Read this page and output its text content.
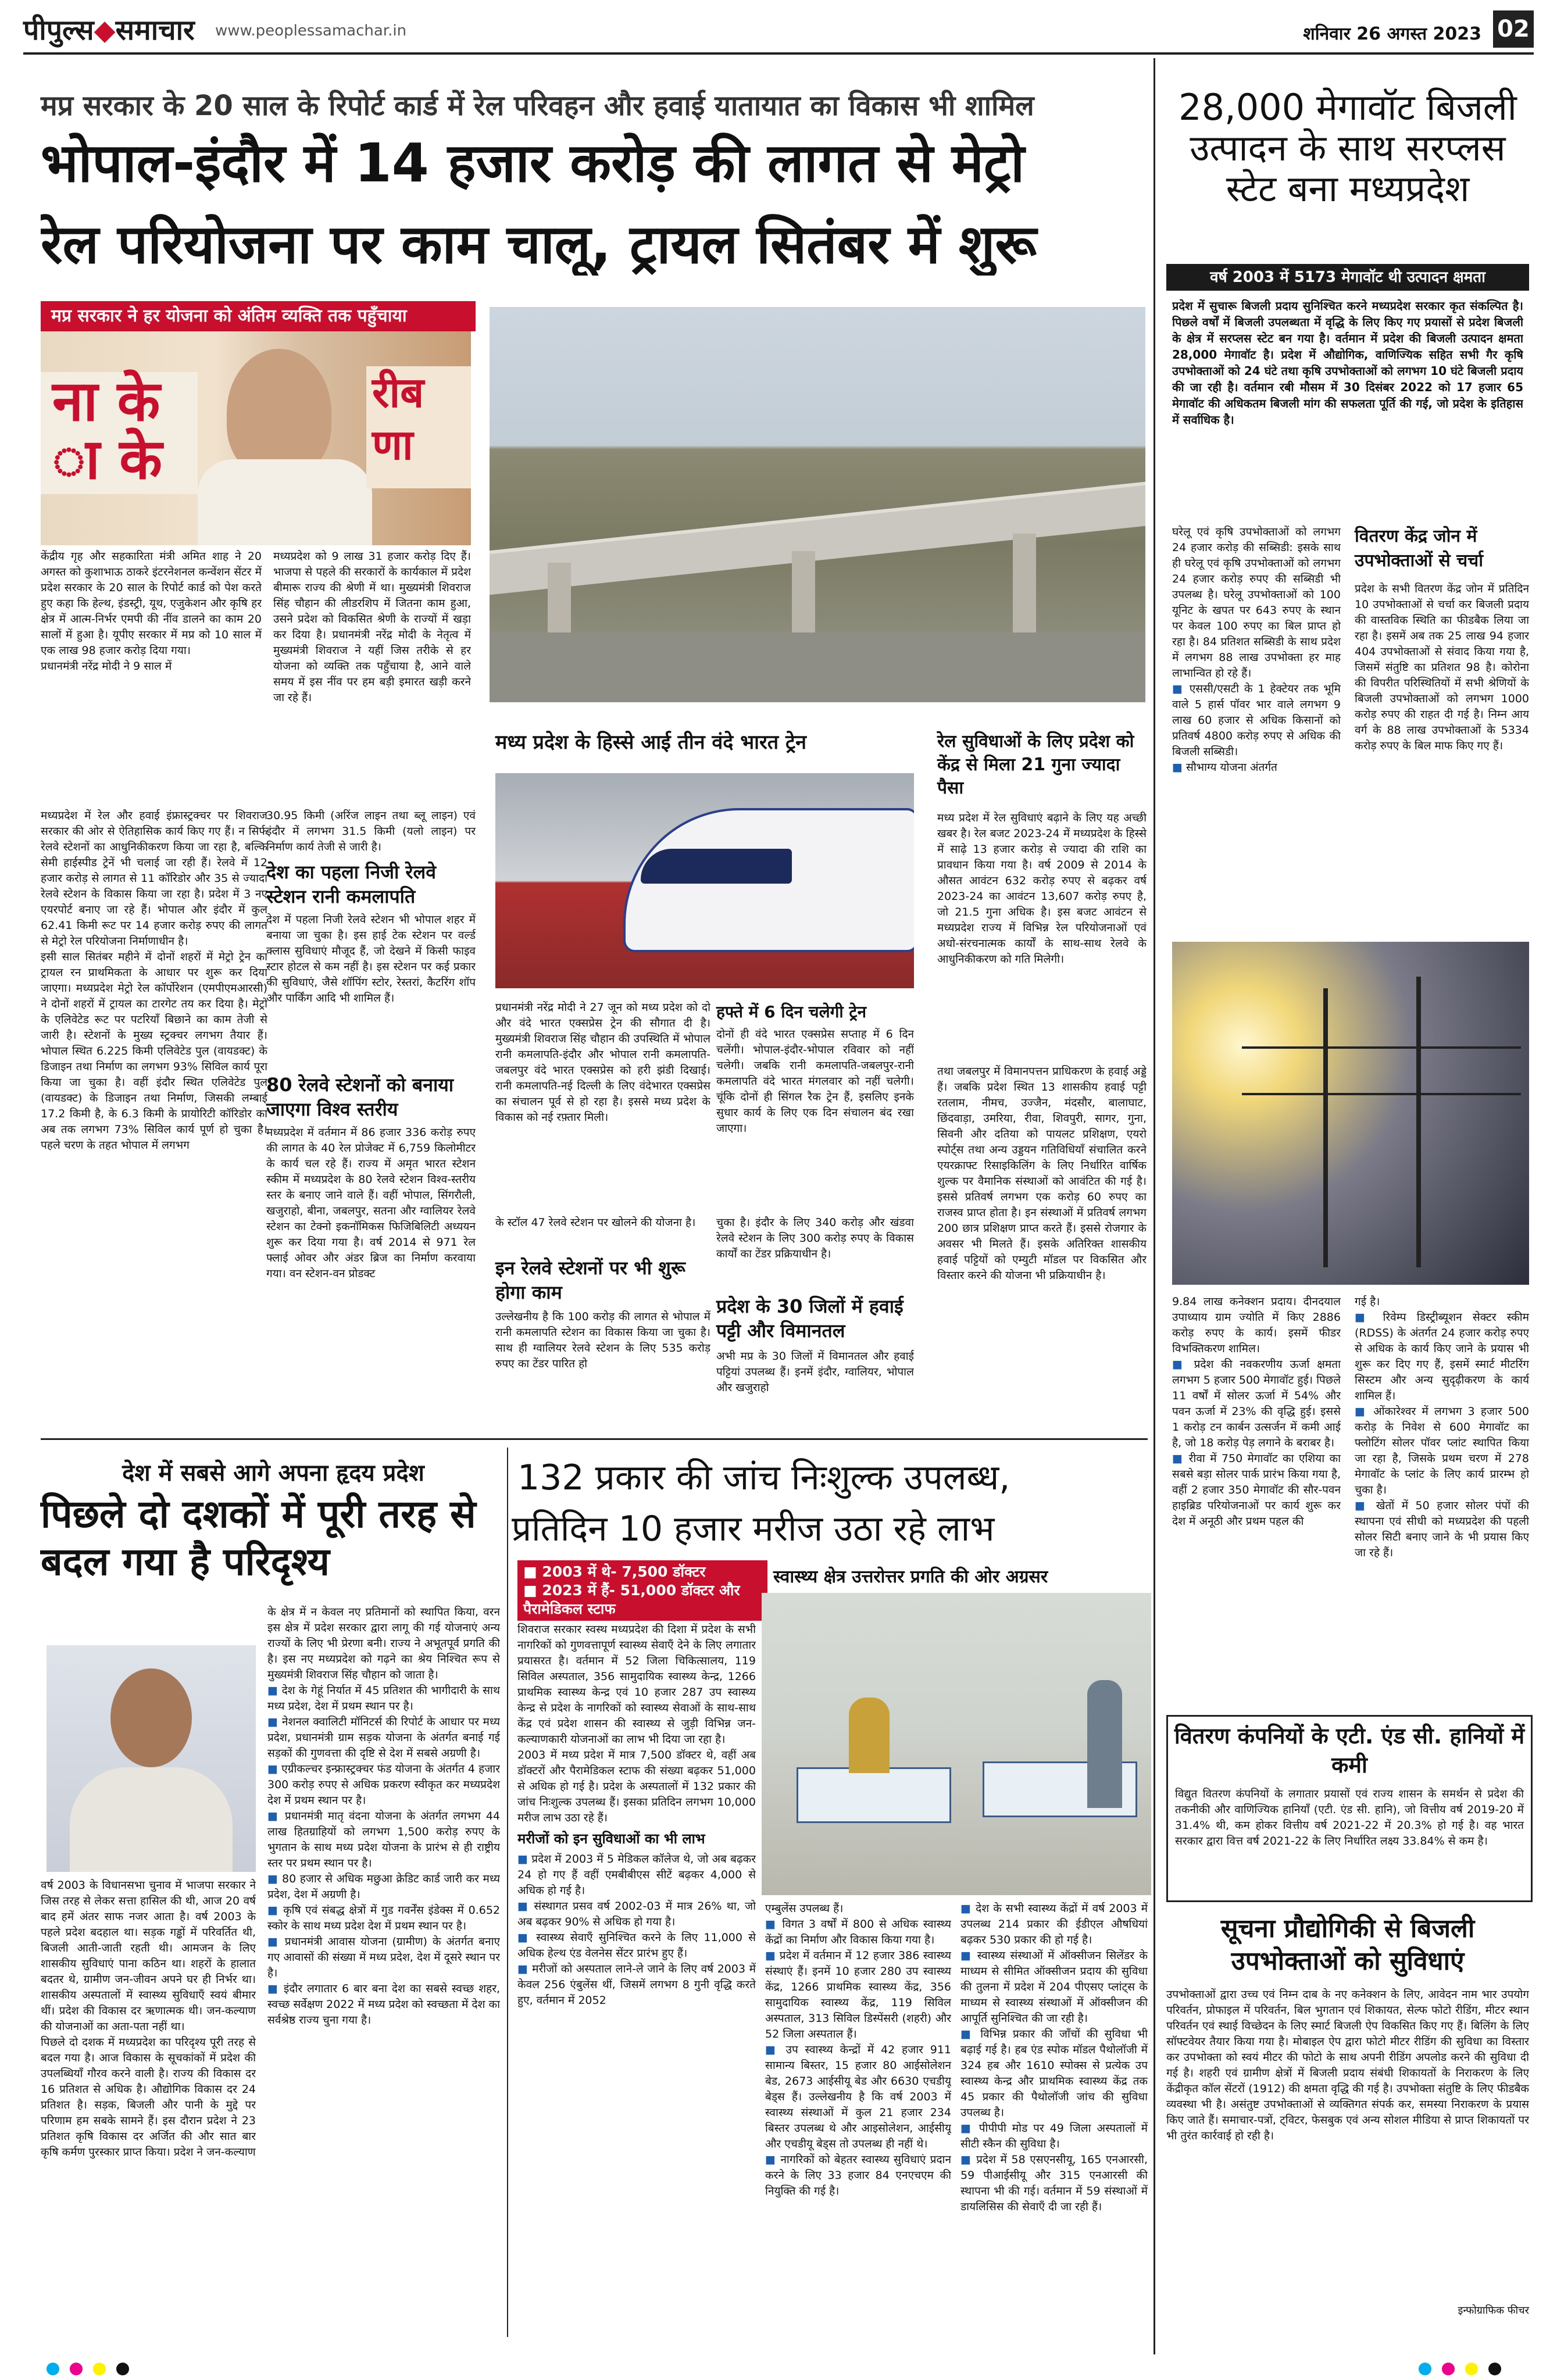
पीपुल्स◆समाचार www.peoplessamachar.in	शनिवार 26 अगस्त 2023 02
मप्र सरकार के 20 साल के रिपोर्ट कार्ड में रेल परिवहन और हवाई यातायात का विकास भी शामिल
भोपाल-इंदौर में 14 हजार करोड़ की लागत से मेट्रो
रेल परियोजना पर काम चालू, ट्रायल सितंबर में शुरू
मप्र सरकार ने हर योजना को अंतिम व्यक्ति तक पहुँचाया
ना के
ा के
रीब
णा
केंद्रीय गृह और सहकारिता मंत्री अमित शाह ने 20 अगस्त को कुशाभाऊ ठाकरे इंटरनेशनल कन्वेंशन सेंटर में प्रदेश सरकार के 20 साल के रिपोर्ट कार्ड को पेश करते हुए कहा कि हेल्थ, इंडस्ट्री, यूथ, एजुकेशन और कृषि हर क्षेत्र में आत्म-निर्भर एमपी की नींव डालने का काम 20 सालों में हुआ है। यूपीए सरकार में मप्र को 10 साल में एक लाख 98 हजार करोड़ दिया गया।
प्रधानमंत्री नरेंद्र मोदी ने 9 साल में
मध्यप्रदेश को 9 लाख 31 हजार करोड़ दिए हैं। भाजपा से पहले की सरकारों के कार्यकाल में प्रदेश बीमारू राज्य की श्रेणी में था। मुख्यमंत्री शिवराज सिंह चौहान की लीडरशिप में जितना काम हुआ, उसने प्रदेश को विकसित श्रेणी के राज्यों में खड़ा कर दिया है। प्रधानमंत्री नरेंद्र मोदी के नेतृत्व में मुख्यमंत्री शिवराज ने यहीं जिस तरीके से हर योजना को व्यक्ति तक पहुँचाया है, आने वाले समय में इस नींव पर हम बड़ी इमारत खड़ी करने जा रहे हैं।
मध्यप्रदेश में रेल और हवाई इंफ्रास्ट्रक्चर पर शिवराज सरकार की ओर से ऐतिहासिक कार्य किए गए हैं। न सिर्फ रेलवे स्टेशनों का आधुनिकीकरण किया जा रहा है, बल्कि सेमी हाईस्पीड ट्रेनें भी चलाई जा रही हैं। रेलवे में 12 हजार करोड़ से लागत से 11 कॉरिडोर और 35 से ज्यादा रेलवे स्टेशन के विकास किया जा रहा है। प्रदेश में 3 नए एयरपोर्ट बनाए जा रहे हैं। भोपाल और इंदौर में कुल 62.41 किमी रूट पर 14 हजार करोड़ रुपए की लागत से मेट्रो रेल परियोजना निर्माणाधीन है।
इसी साल सितंबर महीने में दोनों शहरों में मेट्रो ट्रेन का ट्रायल रन प्राथमिकता के आधार पर शुरू कर दिया जाएगा। मध्यप्रदेश मेट्रो रेल कॉर्पोरेशन (एमपीएमआरसी) ने दोनों शहरों में ट्रायल का टारगेट तय कर दिया है। मेट्रो के एलिवेटेड रूट पर पटरियाँ बिछाने का काम तेजी से जारी है। स्टेशनों के मुख्य स्ट्रक्चर लगभग तैयार हैं। भोपाल स्थित 6.225 किमी एलिवेटेड पुल (वायडक्ट) के डिजाइन तथा निर्माण का लगभग 93% सिविल कार्य पूरा किया जा चुका है। वहीं इंदौर स्थित एलिवेटेड पुल (वायडक्ट) के डिजाइन तथा निर्माण, जिसकी लम्बाई 17.2 किमी है, के 6.3 किमी के प्रायोरिटी कॉरिडोर का अब तक लगभग 73% सिविल कार्य पूर्ण हो चुका है। पहले चरण के तहत भोपाल में लगभग
30.95 किमी (अरिंज लाइन तथा ब्लू लाइन) एवं इंदौर में लगभग 31.5 किमी (यलो लाइन) पर निर्माण कार्य तेजी से जारी है।
देश का पहला निजी रेलवे स्टेशन रानी कमलापति
देश में पहला निजी रेलवे स्टेशन भी भोपाल शहर में बनाया जा चुका है। इस हाई टेक स्टेशन पर वर्ल्ड क्लास सुविधाएं मौजूद हैं, जो देखने में किसी फाइव स्टार होटल से कम नहीं है। इस स्टेशन पर कई प्रकार की सुविधाएं, जैसे शॉपिंग स्टोर, रेस्तरां, कैटरिंग शॉप और पार्किंग आदि भी शामिल हैं।
80 रेलवे स्टेशनों को बनाया जाएगा विश्व स्तरीय
मध्यप्रदेश में वर्तमान में 86 हजार 336 करोड़ रुपए की लागत के 40 रेल प्रोजेक्ट में 6,759 किलोमीटर के कार्य चल रहे हैं। राज्य में अमृत भारत स्टेशन स्कीम में मध्यप्रदेश के 80 रेलवे स्टेशन विश्व-स्तरीय स्तर के बनाए जाने वाले हैं। वहीं भोपाल, सिंगरौली, खजुराहो, बीना, जबलपुर, सतना और ग्वालियर रेलवे स्टेशन का टेक्नो इकनॉमिकस फिजिबिलिटी अध्ययन शुरू कर दिया गया है। वर्ष 2014 से 971 रेल फ्लाई ओवर और अंडर ब्रिज का निर्माण करवाया गया। वन स्टेशन-वन प्रोडक्ट
मध्य प्रदेश के हिस्से आई तीन वंदे भारत ट्रेन
प्रधानमंत्री नरेंद्र मोदी ने 27 जून को मध्य प्रदेश को दो और वंदे भारत एक्सप्रेस ट्रेन की सौगात दी है। मुख्यमंत्री शिवराज सिंह चौहान की उपस्थिति में भोपाल रानी कमलापति-इंदौर और भोपाल रानी कमलापति-जबलपुर वंदे भारत एक्सप्रेस को हरी झंडी दिखाई। रानी कमलापति-नई दिल्ली के लिए वंदेभारत एक्सप्रेस का संचालन पूर्व से हो रहा है। इससे मध्य प्रदेश के विकास को नई रफ़्तार मिली।
के स्टॉल 47 रेलवे स्टेशन पर खोलने की योजना है।
इन रेलवे स्टेशनों पर भी शुरू होगा काम
उल्लेखनीय है कि 100 करोड़ की लागत से भोपाल में रानी कमलापति स्टेशन का विकास किया जा चुका है। साथ ही ग्वालियर रेलवे स्टेशन के लिए 535 करोड़ रुपए का टेंडर पारित हो
हफ्ते में 6 दिन चलेगी ट्रेन
दोनों ही वंदे भारत एक्सप्रेस सप्ताह में 6 दिन चलेंगी। भोपाल-इंदौर-भोपाल रविवार को नहीं चलेगी। जबकि रानी कमलापति-जबलपुर-रानी कमलापति वंदे भारत मंगलवार को नहीं चलेगी। चूंकि दोनों ही सिंगल रैक ट्रेन हैं, इसलिए इनके सुधार कार्य के लिए एक दिन संचालन बंद रखा जाएगा।
चुका है। इंदौर के लिए 340 करोड़ और खंडवा रेलवे स्टेशन के लिए 300 करोड़ रुपए के विकास कार्यों का टेंडर प्रक्रियाधीन है।
प्रदेश के 30 जिलों में हवाई पट्टी और विमानतल
अभी मप्र के 30 जिलों में विमानतल और हवाई पट्टियां उपलब्ध हैं। इनमें इंदौर, ग्वालियर, भोपाल और खजुराहो
रेल सुविधाओं के लिए प्रदेश को केंद्र से मिला 21 गुना ज्यादा पैसा
मध्य प्रदेश में रेल सुविधाएं बढ़ाने के लिए यह अच्छी खबर है। रेल बजट 2023-24 में मध्यप्रदेश के हिस्से में साढ़े 13 हजार करोड़ से ज्यादा की राशि का प्रावधान किया गया है। वर्ष 2009 से 2014 के औसत आवंटन 632 करोड़ रुपए से बढ़कर वर्ष 2023-24 का आवंटन 13,607 करोड़ रुपए है, जो 21.5 गुना अधिक है। इस बजट आवंटन से मध्यप्रदेश राज्य में विभिन्न रेल परियोजनाओं एवं अधो-संरचनात्मक कार्यों के साथ-साथ रेलवे के आधुनिकीकरण को गति मिलेगी।
तथा जबलपुर में विमानपत्तन प्राधिकरण के हवाई अड्डे हैं। जबकि प्रदेश स्थित 13 शासकीय हवाई पट्टी रतलाम, नीमच, उज्जैन, मंदसौर, बालाघाट, छिंदवाड़ा, उमरिया, रीवा, शिवपुरी, सागर, गुना, सिवनी और दतिया को पायलट प्रशिक्षण, एयरो स्पोर्ट्स तथा अन्य उड्डयन गतिविधियाँ संचालित करने एयरक्राफ्ट रिसाइकिलिंग के लिए निर्धारित वार्षिक शुल्क पर वैमानिक संस्थाओं को आवंटित की गई है। इससे प्रतिवर्ष लगभग एक करोड़ 60 रुपए का राजस्व प्राप्त होता है। इन संस्थाओं में प्रतिवर्ष लगभग 200 छात्र प्रशिक्षण प्राप्त करते हैं। इससे रोजगार के अवसर भी मिलते हैं। इसके अतिरिक्त शासकीय हवाई पट्टियों को एम्युटी मॉडल पर विकसित और विस्तार करने की योजना भी प्रक्रियाधीन है।
28,000 मेगावॉट बिजली उत्पादन के साथ सरप्लस स्टेट बना मध्यप्रदेश
वर्ष 2003 में 5173 मेगावॉट थी उत्पादन क्षमता
प्रदेश में सुचारू बिजली प्रदाय सुनिश्चित करने मध्यप्रदेश सरकार कृत संकल्पित है। पिछले वर्षों में बिजली उपलब्धता में वृद्धि के लिए किए गए प्रयासों से प्रदेश बिजली के क्षेत्र में सरप्लस स्टेट बन गया है। वर्तमान में प्रदेश की बिजली उत्पादन क्षमता 28,000 मेगावॉट है। प्रदेश में औद्योगिक, वाणिज्यिक सहित सभी गैर कृषि उपभोक्ताओं को 24 घंटे तथा कृषि उपभोक्ताओं को लगभग 10 घंटे बिजली प्रदाय की जा रही है। वर्तमान रबी मौसम में 30 दिसंबर 2022 को 17 हजार 65 मेगावॉट की अधिकतम बिजली मांग की सफलता पूर्ति की गई, जो प्रदेश के इतिहास में सर्वाधिक है।
घरेलू एवं कृषि उपभोक्ताओं को लगभग 24 हजार करोड़ की सब्सिडी: इसके साथ ही घरेलू एवं कृषि उपभोक्ताओं को लगभग 24 हजार करोड़ रुपए की सब्सिडी भी उपलब्ध है। घरेलू उपभोक्ताओं को 100 यूनिट के खपत पर 643 रुपए के स्थान पर केवल 100 रुपए का बिल प्राप्त हो रहा है। 84 प्रतिशत सब्सिडी के साथ प्रदेश में लगभग 88 लाख उपभोक्ता हर माह लाभान्वित हो रहे हैं।
■ एससी/एसटी के 1 हेक्टेयर तक भूमि वाले 5 हार्स पॉवर भार वाले लगभग 9 लाख 60 हजार से अधिक किसानों को प्रतिवर्ष 4800 करोड़ रुपए से अधिक की बिजली सब्सिडी।
■ सौभाग्य योजना अंतर्गत
वितरण केंद्र जोन में उपभोक्ताओं से चर्चा
प्रदेश के सभी वितरण केंद्र जोन में प्रतिदिन 10 उपभोक्ताओं से चर्चा कर बिजली प्रदाय की वास्तविक स्थिति का फीडबैक लिया जा रहा है। इसमें अब तक 25 लाख 94 हजार 404 उपभोक्ताओं से संवाद किया गया है, जिसमें संतुष्टि का प्रतिशत 98 है। कोरोना की विपरीत परिस्थितियों में सभी श्रेणियों के बिजली उपभोक्ताओं को लगभग 1000 करोड़ रुपए की राहत दी गई है। निम्न आय वर्ग के 88 लाख उपभोक्ताओं के 5334 करोड़ रुपए के बिल माफ किए गए हैं।
9.84 लाख कनेक्शन प्रदाय। दीनदयाल उपाध्याय ग्राम ज्योति में किए 2886 करोड़ रुपए के कार्य। इसमें फीडर विभक्तिकरण शामिल।
■ प्रदेश की नवकरणीय ऊर्जा क्षमता लगभग 5 हजार 500 मेगावॉट हुई। पिछले 11 वर्षों में सोलर ऊर्जा में 54% और पवन ऊर्जा में 23% की वृद्धि हुई। इससे 1 करोड़ टन कार्बन उत्सर्जन में कमी आई है, जो 18 करोड़ पेड़ लगाने के बराबर है।
■ रीवा में 750 मेगावॉट का एशिया का सबसे बड़ा सोलर पार्क प्रारंभ किया गया है, वहीं 2 हजार 350 मेगावॉट की सौर-पवन हाइब्रिड परियोजनाओं पर कार्य शुरू कर देश में अनूठी और प्रथम पहल की
गई है।
■ रिवेम्प डिस्ट्रीब्यूशन सेक्टर स्कीम (RDSS) के अंतर्गत 24 हजार करोड़ रुपए से अधिक के कार्य किए जाने के प्रयास भी शुरू कर दिए गए हैं, इसमें स्मार्ट मीटरिंग सिस्टम और अन्य सुदृढ़ीकरण के कार्य शामिल हैं।
■ ओंकारेश्वर में लगभग 3 हजार 500 करोड़ के निवेश से 600 मेगावॉट का फ्लोटिंग सोलर पॉवर प्लांट स्थापित किया जा रहा है, जिसके प्रथम चरण में 278 मेगावॉट के प्लांट के लिए कार्य प्रारम्भ हो चुका है।
■ खेतों में 50 हजार सोलर पंपों की स्थापना एवं सीधी को मध्यप्रदेश की पहली सोलर सिटी बनाए जाने के भी प्रयास किए जा रहे हैं।
वितरण कंपनियों के एटी. एंड सी. हानियों में कमी
विद्युत वितरण कंपनियों के लगातार प्रयासों एवं राज्य शासन के समर्थन से प्रदेश की तकनीकी और वाणिज्यिक हानियाँ (एटी. एंड सी. हानि), जो वित्तीय वर्ष 2019-20 में 31.4% थी, कम होकर वित्तीय वर्ष 2021-22 में 20.3% हो गई है। वह भारत सरकार द्वारा वित्त वर्ष 2021-22 के लिए निर्धारित लक्ष्य 33.84% से कम है।
सूचना प्रौद्योगिकी से बिजली उपभोक्ताओं को सुविधाएं
उपभोक्ताओं द्वारा उच्च एवं निम्न दाब के नए कनेक्शन के लिए, आवेदन नाम भार उपयोग परिवर्तन, प्रोफाइल में परिवर्तन, बिल भुगतान एवं शिकायत, सेल्फ फोटो रीडिंग, मीटर स्थान परिवर्तन एवं स्थाई विच्छेदन के लिए स्मार्ट बिजली ऐप विकसित किए गए हैं। बिलिंग के लिए सॉफ्टवेयर तैयार किया गया है। मोबाइल ऐप द्वारा फोटो मीटर रीडिंग की सुविधा का विस्तार कर उपभोक्ता को स्वयं मीटर की फोटो के साथ अपनी रीडिंग अपलोड करने की सुविधा दी गई है। शहरी एवं ग्रामीण क्षेत्रों में बिजली प्रदाय संबंधी शिकायतों के निराकरण के लिए केंद्रीकृत कॉल सेंटरों (1912) की क्षमता वृद्धि की गई है। उपभोक्ता संतुष्टि के लिए फीडबैक व्यवस्था भी है। असंतुष्ट उपभोक्ताओं से व्यक्तिगत संपर्क कर, समस्या निराकरण के प्रयास किए जाते हैं। समाचार-पत्रों, ट्विटर, फेसबुक एवं अन्य सोशल मीडिया से प्राप्त शिकायतों पर भी तुरंत कार्रवाई हो रही है।
इन्फोग्राफिक फीचर
देश में सबसे आगे अपना हृदय प्रदेश
पिछले दो दशकों में पूरी तरह से बदल गया है परिदृश्य
वर्ष 2003 के विधानसभा चुनाव में भाजपा सरकार ने जिस तरह से लेकर सत्ता हासिल की थी, आज 20 वर्ष बाद हमें अंतर साफ नजर आता है। वर्ष 2003 के पहले प्रदेश बदहाल था। सड़क गड्ढों में परिवर्तित थी, बिजली आती-जाती रहती थी। आमजन के लिए शासकीय सुविधाएं पाना कठिन था। शहरों के हालात बदतर थे, ग्रामीण जन-जीवन अपने घर ही निर्भर था। शासकीय अस्पतालों में स्वास्थ्य सुविधाएँ स्वयं बीमार थीं। प्रदेश की विकास दर ऋणात्मक थी। जन-कल्याण की योजनाओं का अता-पता नहीं था।
पिछले दो दशक में मध्यप्रदेश का परिदृश्य पूरी तरह से बदल गया है। आज विकास के सूचकांकों में प्रदेश की उपलब्धियाँ गौरव करने वाली है। राज्य की विकास दर 16 प्रतिशत से अधिक है। औद्योगिक विकास दर 24 प्रतिशत है। सड़क, बिजली और पानी के मुद्दे पर परिणाम हम सबके सामने हैं। इस दौरान प्रदेश ने 23 प्रतिशत कृषि विकास दर अर्जित की और सात बार कृषि कर्मण पुरस्कार प्राप्त किया। प्रदेश ने जन-कल्याण
के क्षेत्र में न केवल नए प्रतिमानों को स्थापित किया, वरन इस क्षेत्र में प्रदेश सरकार द्वारा लागू की गई योजनाएं अन्य राज्यों के लिए भी प्रेरणा बनी। राज्य ने अभूतपूर्व प्रगति की है। इस नए मध्यप्रदेश को गढ़ने का श्रेय निश्चित रूप से मुख्यमंत्री शिवराज सिंह चौहान को जाता है।
■ देश के गेहूं निर्यात में 45 प्रतिशत की भागीदारी के साथ मध्य प्रदेश, देश में प्रथम स्थान पर है।
■ नेशनल क्वालिटी मॉनिटर्स की रिपोर्ट के आधार पर मध्य प्रदेश, प्रधानमंत्री ग्राम सड़क योजना के अंतर्गत बनाई गई सड़कों की गुणवत्ता की दृष्टि से देश में सबसे अग्रणी है।
■ एग्रीकल्चर इन्फ्रास्ट्रक्चर फंड योजना के अंतर्गत 4 हजार 300 करोड़ रुपए से अधिक प्रकरण स्वीकृत कर मध्यप्रदेश देश में प्रथम स्थान पर है।
■ प्रधानमंत्री मातृ वंदना योजना के अंतर्गत लगभग 44 लाख हितग्राहियों को लगभग 1,500 करोड़ रुपए के भुगतान के साथ मध्य प्रदेश योजना के प्रारंभ से ही राष्ट्रीय स्तर पर प्रथम स्थान पर है।
■ 80 हजार से अधिक मछुआ क्रेडिट कार्ड जारी कर मध्य प्रदेश, देश में अग्रणी है।
■ कृषि एवं संबद्ध क्षेत्रों में गुड गवर्नेंस इंडेक्स में 0.652 स्कोर के साथ मध्य प्रदेश देश में प्रथम स्थान पर है।
■ प्रधानमंत्री आवास योजना (ग्रामीण) के अंतर्गत बनाए गए आवासों की संख्या में मध्य प्रदेश, देश में दूसरे स्थान पर है।
■ इंदौर लगातार 6 बार बना देश का सबसे स्वच्छ शहर, स्वच्छ सर्वेक्षण 2022 में मध्य प्रदेश को स्वच्छता में देश का सर्वश्रेष्ठ राज्य चुना गया है।
132 प्रकार की जांच निःशुल्क उपलब्ध,
प्रतिदिन 10 हजार मरीज उठा रहे लाभ
■ 2003 में थे- 7,500 डॉक्टर
■ 2023 में हैं- 51,000 डॉक्टर और पैरामेडिकल स्टाफ
स्वास्थ्य क्षेत्र उत्तरोत्तर प्रगति की ओर अग्रसर
शिवराज सरकार स्वस्थ मध्यप्रदेश की दिशा में प्रदेश के सभी नागरिकों को गुणवत्तापूर्ण स्वास्थ्य सेवाएँ देने के लिए लगातार प्रयासरत है। वर्तमान में 52 जिला चिकित्सालय, 119 सिविल अस्पताल, 356 सामुदायिक स्वास्थ्य केन्द्र, 1266 प्राथमिक स्वास्थ्य केन्द्र एवं 10 हजार 287 उप स्वास्थ्य केन्द्र से प्रदेश के नागरिकों को स्वास्थ्य सेवाओं के साथ-साथ केंद्र एवं प्रदेश शासन की स्वास्थ्य से जुड़ी विभिन्न जन-कल्याणकारी योजनाओं का लाभ भी दिया जा रहा है।
2003 में मध्य प्रदेश में मात्र 7,500 डॉक्टर थे, वहीं अब डॉक्टरों और पैरामेडिकल स्टाफ की संख्या बढ़कर 51,000 से अधिक हो गई है। प्रदेश के अस्पतालों में 132 प्रकार की जांच निःशुल्क उपलब्ध हैं। इसका प्रतिदिन लगभग 10,000 मरीज लाभ उठा रहे हैं।
मरीजों को इन सुविधाओं का भी लाभ
■ प्रदेश में 2003 में 5 मेडिकल कॉलेज थे, जो अब बढ़कर 24 हो गए हैं वहीं एमबीबीएस सीटें बढ़कर 4,000 से अधिक हो गई है।
■ संस्थागत प्रसव वर्ष 2002-03 में मात्र 26% था, जो अब बढ़कर 90% से अधिक हो गया है।
■ स्वास्थ्य सेवाएँ सुनिश्चित करने के लिए 11,000 से अधिक हेल्थ एंड वेलनेस सेंटर प्रारंभ हुए हैं।
■ मरीजों को अस्पताल लाने-ले जाने के लिए वर्ष 2003 में केवल 256 एंबुलेंस थीं, जिसमें लगभग 8 गुनी वृद्धि करते हुए, वर्तमान में 2052
एम्बुलेंस उपलब्ध हैं।
■ विगत 3 वर्षों में 800 से अधिक स्वास्थ्य केंद्रों का निर्माण और विकास किया गया है।
■ प्रदेश में वर्तमान में 12 हजार 386 स्वास्थ्य संस्थाएं हैं। इनमें 10 हजार 280 उप स्वास्थ्य केंद्र, 1266 प्राथमिक स्वास्थ्य केंद्र, 356 सामुदायिक स्वास्थ्य केंद्र, 119 सिविल अस्पताल, 313 सिविल डिस्पेंसरी (शहरी) और 52 जिला अस्पताल हैं।
■ उप स्वास्थ्य केन्द्रों में 42 हजार 911 सामान्य बिस्तर, 15 हजार 80 आईसोलेशन बेड, 2673 आईसीयू बेड और 6630 एचडीयू बेड्स हैं। उल्लेखनीय है कि वर्ष 2003 में स्वास्थ्य संस्थाओं में कुल 21 हजार 234 बिस्तर उपलब्ध थे और आइसोलेशन, आईसीयू और एचडीयू बेड्स तो उपलब्ध ही नहीं थे।
■ नागरिकों को बेहतर स्वास्थ्य सुविधाएं प्रदान करने के लिए 33 हजार 84 एनएचएम की नियुक्ति की गई है।
■ देश के सभी स्वास्थ्य केंद्रों में वर्ष 2003 में उपलब्ध 214 प्रकार की ईडीएल औषधियां बढ़कर 530 प्रकार की हो गई है।
■ स्वास्थ्य संस्थाओं में ऑक्सीजन सिलेंडर के माध्यम से सीमित ऑक्सीजन प्रदाय की सुविधा की तुलना में प्रदेश में 204 पीएसए प्लांट्स के माध्यम से स्वास्थ्य संस्थाओं में ऑक्सीजन की आपूर्ति सुनिश्चित की जा रही है।
■ विभिन्न प्रकार की जाँचों की सुविधा भी बढ़ाई गई है। हब एंड स्पोक मॉडल पैथोलॉजी में 324 हब और 1610 स्पोक्स से प्रत्येक उप स्वास्थ्य केन्द्र और प्राथमिक स्वास्थ्य केंद्र तक 45 प्रकार की पैथोलॉजी जांच की सुविधा उपलब्ध है।
■ पीपीपी मोड पर 49 जिला अस्पतालों में सीटी स्कैन की सुविधा है।
■ प्रदेश में 58 एसएनसीयू, 165 एनआरसी, 59 पीआईसीयू और 315 एनआरसी की स्थापना भी की गई। वर्तमान में 59 संस्थाओं में डायलिसिस की सेवाएँ दी जा रही हैं।
